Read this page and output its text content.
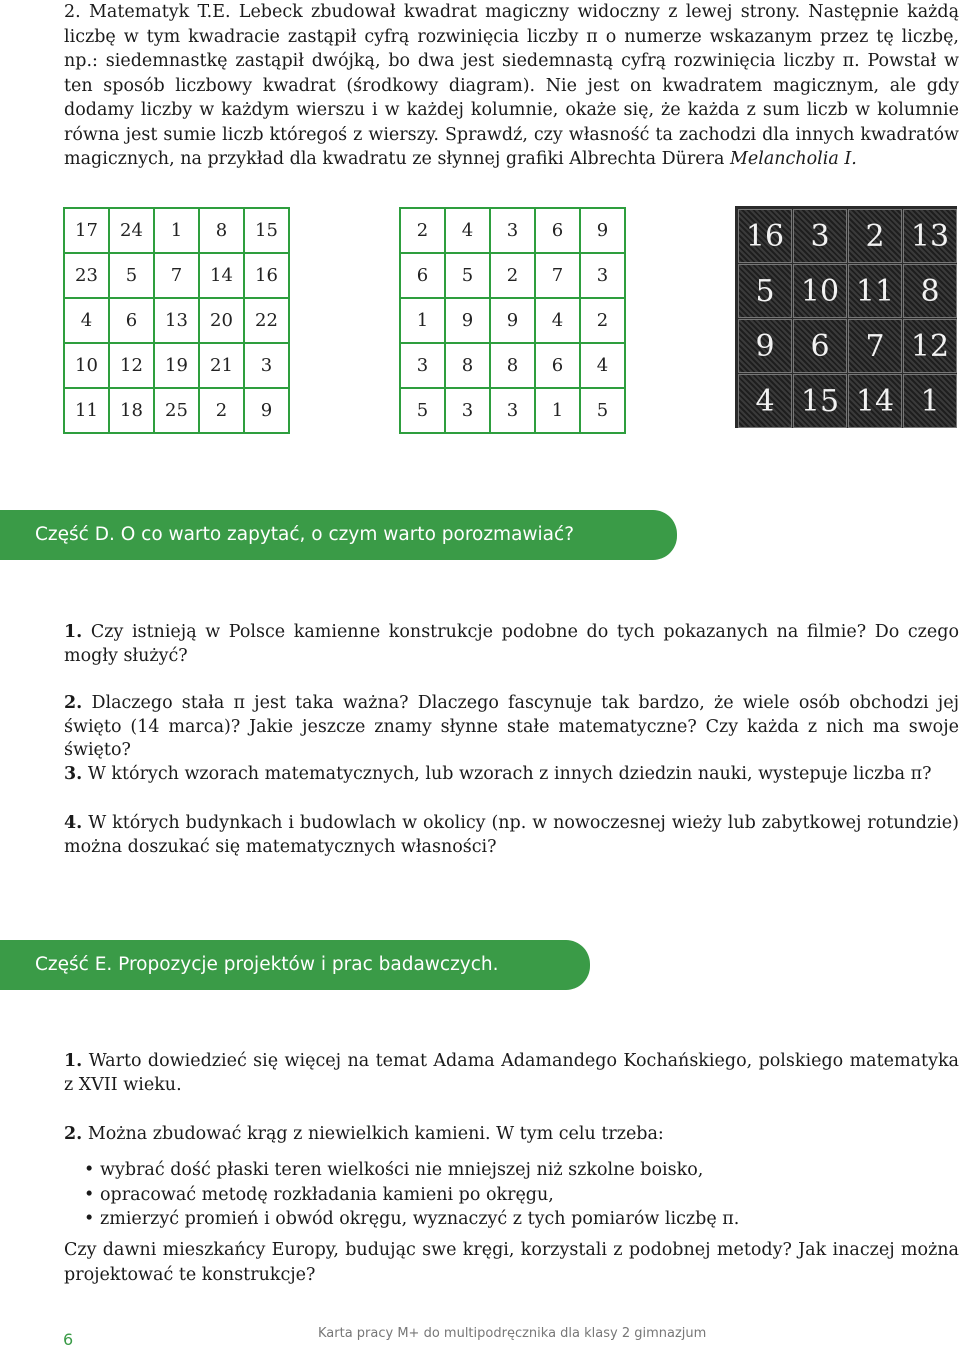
2. Matematyk T.E. Lebeck zbudował kwadrat magiczny widoczny z lewej strony. Następnie każdą liczbę w tym kwadracie zastąpił cyfrą rozwinięcia liczby π o numerze wskazanym przez tę liczbę, np.: siedemnastkę zastąpił dwójką, bo dwa jest siedemnastą cyfrą rozwinięcia liczby π. Powstał w ten sposób liczbowy kwadrat (środkowy diagram). Nie jest on kwadratem magicznym, ale gdy dodamy liczby w każdym wierszu i w każdej kolumnie, okaże się, że każda z sum liczb w kolumnie równa jest sumie liczb któregoś z wierszy. Sprawdź, czy własność ta zachodzi dla innych kwadratów magicznych, na przykład dla kwadratu ze słynnej grafiki Albrechta Dürera Melancholia I.

17	24	1	8	15
23	5	7	14	16
4	6	13	20	22
10	12	19	21	3
11	18	25	2	9
2	4	3	6	9
6	5	2	7	3
1	9	9	4	2
3	8	8	6	4
5	3	3	1	5
16 3	2 13
5 10 11 8
9	6	7 12
4 15 14 1
Część D. O co warto zapytać, o czym warto porozmawiać?

1. Czy istnieją w Polsce kamienne konstrukcje podobne do tych pokazanych na filmie? Do czego mogły służyć?

2. Dlaczego stała π jest taka ważna? Dlaczego fascynuje tak bardzo, że wiele osób obchodzi jej święto (14 marca)? Jakie jeszcze znamy słynne stałe matematyczne? Czy każda z nich ma swoje święto?

3. W których wzorach matematycznych, lub wzorach z innych dziedzin nauki, wystepuje liczba π?

4. W których budynkach i budowlach w okolicy (np. w nowoczesnej wieży lub zabytkowej rotundzie) można doszukać się matematycznych własności?

Część E. Propozycje projektów i prac badawczych.

1. Warto dowiedzieć się więcej na temat Adama Adamandego Kochańskiego, polskiego matematyka z XVII wieku.

2. Można zbudować krąg z niewielkich kamieni. W tym celu trzeba:

• wybrać dość płaski teren wielkości nie mniejszej niż szkolne boisko,
• opracować metodę rozkładania kamieni po okręgu,
• zmierzyć promień i obwód okręgu, wyznaczyć z tych pomiarów liczbę π.

Czy dawni mieszkańcy Europy, budując swe kręgi, korzystali z podobnej metody? Jak inaczej można projektować te konstrukcje?

6	Karta pracy M+ do multipodręcznika dla klasy 2 gimnazjum
